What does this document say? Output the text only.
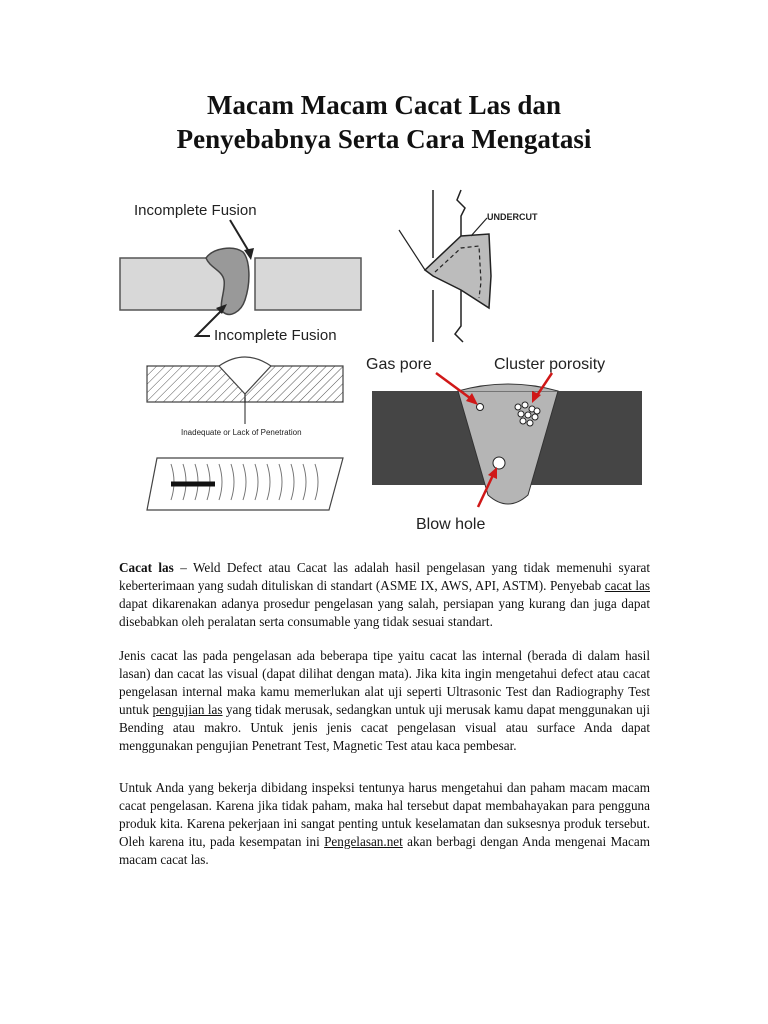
Macam Macam Cacat Las dan
Penyebabnya Serta Cara Mengatasi
Incomplete Fusion
Incomplete Fusion
UNDERCUT
Inadequate or Lack of Penetration
Gas pore	Cluster porosity
Blow hole

Cacat las – Weld Defect atau Cacat las adalah hasil pengelasan yang tidak memenuhi syarat keberterimaan yang sudah dituliskan di standart (ASME IX, AWS, API, ASTM). Penyebab cacat las dapat dikarenakan adanya prosedur pengelasan yang salah, persiapan yang kurang dan juga dapat disebabkan oleh peralatan serta consumable yang tidak sesuai standart.

Jenis cacat las pada pengelasan ada beberapa tipe yaitu cacat las internal (berada di dalam hasil lasan) dan cacat las visual (dapat dilihat dengan mata). Jika kita ingin mengetahui defect atau cacat pengelasan internal maka kamu memerlukan alat uji seperti Ultrasonic Test dan Radiography Test untuk pengujian las yang tidak merusak, sedangkan untuk uji merusak kamu dapat menggunakan uji Bending atau makro. Untuk jenis jenis cacat pengelasan visual atau surface Anda dapat menggunakan pengujian Penetrant Test, Magnetic Test atau kaca pembesar.

Untuk Anda yang bekerja dibidang inspeksi tentunya harus mengetahui dan paham macam macam cacat pengelasan. Karena jika tidak paham, maka hal tersebut dapat membahayakan para pengguna produk kita. Karena pekerjaan ini sangat penting untuk keselamatan dan suksesnya produk tersebut. Oleh karena itu, pada kesempatan ini Pengelasan.net akan berbagi dengan Anda mengenai Macam macam cacat las.
